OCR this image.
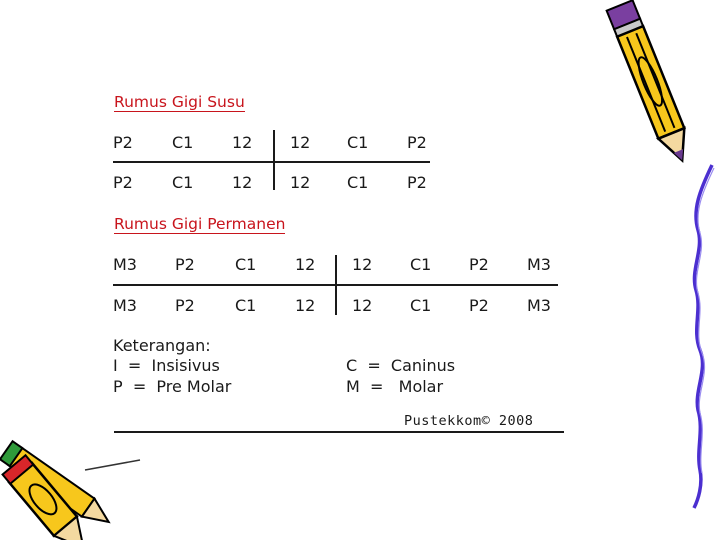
Rumus Gigi Susu
P2 C1 12 12 C1 P2
P2 C1 12 12 C1 P2
Rumus Gigi Permanen
M3 P2	C1 12 12 C1 P2 M3
M3 P2	C1 12 12 C1 P2 M3
Keterangan:
I  =  Insisivus	C  =  Caninus
P  =  Pre Molar	M  =   Molar
Pustekkom© 2008
